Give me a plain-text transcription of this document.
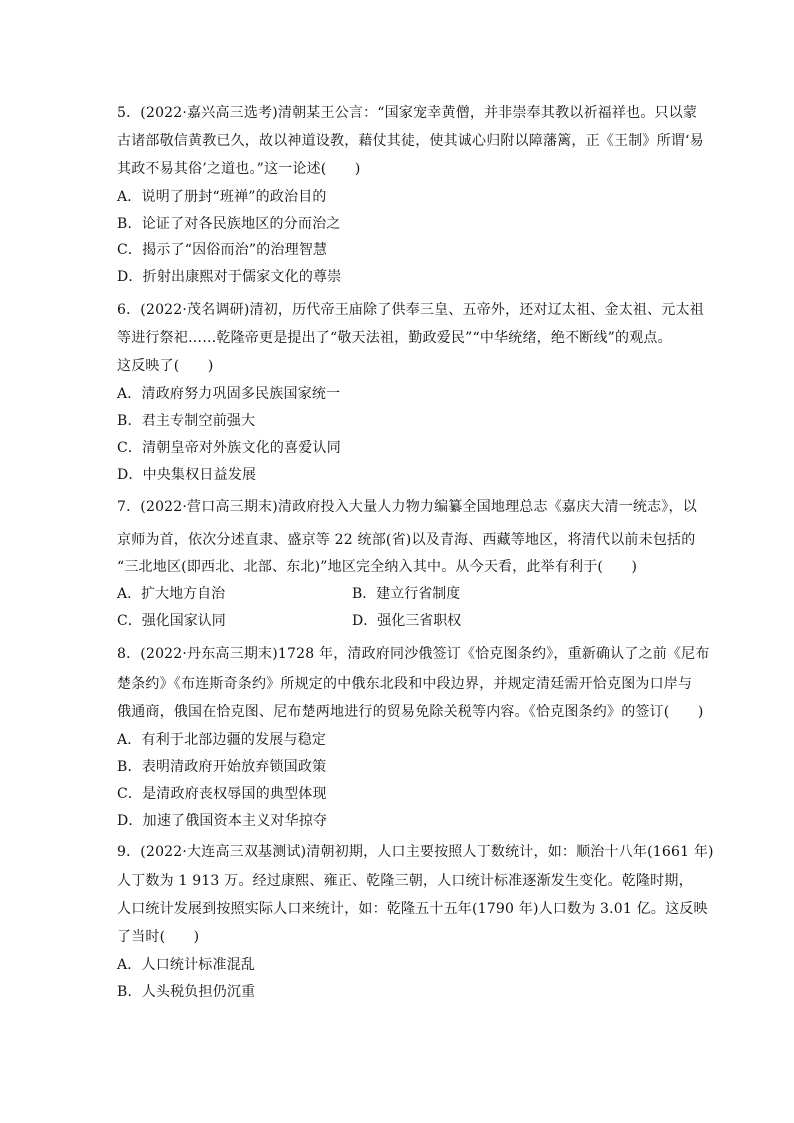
5．(2022·嘉兴高三选考)清朝某王公言：“国家宠幸黄僧，并非崇奉其教以祈福祥也。只以蒙
古诸部敬信黄教已久，故以神道设教，藉仗其徒，使其诚心归附以障藩篱，正《王制》所谓‘易
其政不易其俗’之道也。”这一论述(　　)
A．说明了册封“班禅”的政治目的
B．论证了对各民族地区的分而治之
C．揭示了“因俗而治”的治理智慧
D．折射出康熙对于儒家文化的尊崇
6．(2022·茂名调研)清初，历代帝王庙除了供奉三皇、五帝外，还对辽太祖、金太祖、元太祖
等进行祭祀……乾隆帝更是提出了“敬天法祖，勤政爱民”“中华统绪，绝不断线”的观点。
这反映了(　　)
A．清政府努力巩固多民族国家统一
B．君主专制空前强大
C．清朝皇帝对外族文化的喜爱认同
D．中央集权日益发展
7．(2022·营口高三期末)清政府投入大量人力物力编纂全国地理总志《嘉庆大清一统志》，以
京师为首，依次分述直隶、盛京等 22 统部(省)以及青海、西藏等地区，将清代以前未包括的
“三北地区(即西北、北部、东北)”地区完全纳入其中。从今天看，此举有利于(　　)
A．扩大地方自治	B．建立行省制度
C．强化国家认同	D．强化三省职权
8．(2022·丹东高三期末)1728 年，清政府同沙俄签订《恰克图条约》，重新确认了之前《尼布
楚条约》《布连斯奇条约》所规定的中俄东北段和中段边界，并规定清廷需开恰克图为口岸与
俄通商，俄国在恰克图、尼布楚两地进行的贸易免除关税等内容。《恰克图条约》的签订(　　)
A．有利于北部边疆的发展与稳定
B．表明清政府开始放弃锁国政策
C．是清政府丧权辱国的典型体现
D．加速了俄国资本主义对华掠夺
9．(2022·大连高三双基测试)清朝初期，人口主要按照人丁数统计，如：顺治十八年(1661 年)
人丁数为 1 913 万。经过康熙、雍正、乾隆三朝，人口统计标准逐渐发生变化。乾隆时期，
人口统计发展到按照实际人口来统计，如：乾隆五十五年(1790 年)人口数为 3.01 亿。这反映
了当时(　　)
A．人口统计标准混乱
B．人头税负担仍沉重
